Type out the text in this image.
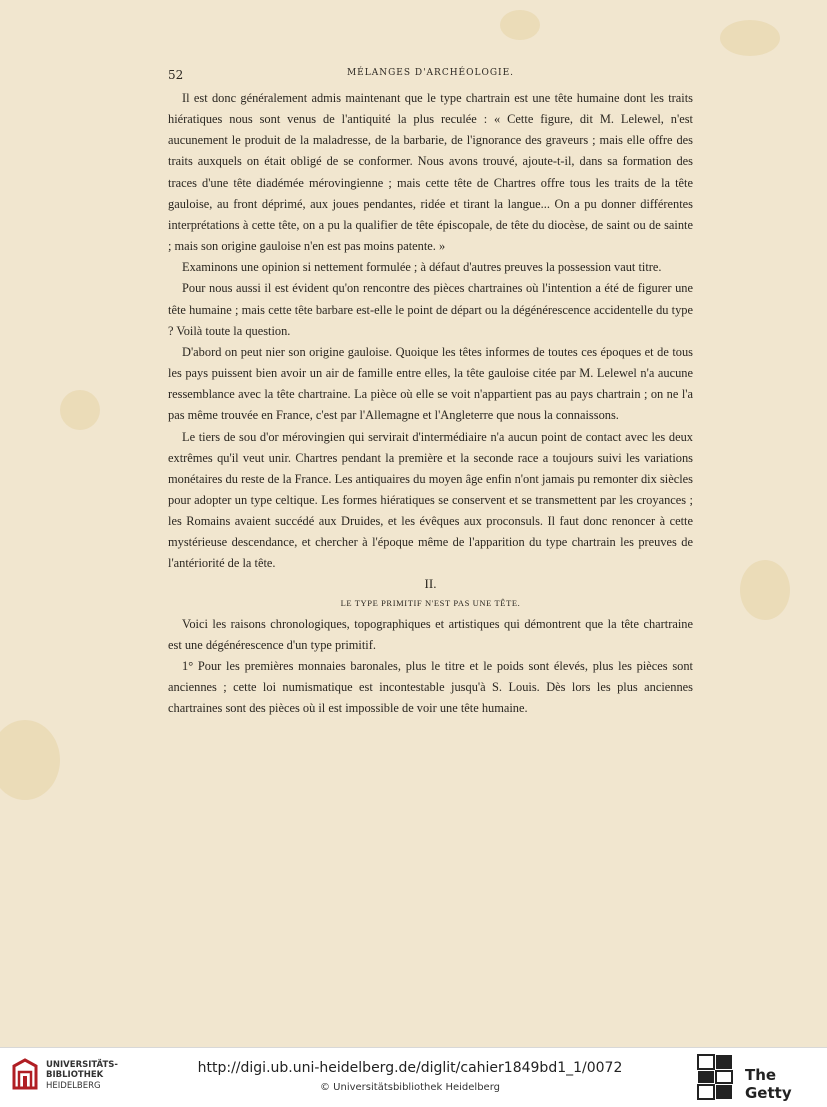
52	MÉLANGES D'ARCHÉOLOGIE.

Il est donc généralement admis maintenant que le type chartrain est une tête humaine dont les traits hiératiques nous sont venus de l'antiquité la plus reculée : « Cette figure, dit M. Lelewel, n'est aucunement le produit de la maladresse, de la barbarie, de l'ignorance des graveurs ; mais elle offre des traits auxquels on était obligé de se conformer. Nous avons trouvé, ajoute-t-il, dans sa formation des traces d'une tête diadémée mérovingienne ; mais cette tête de Chartres offre tous les traits de la tête gauloise, au front déprimé, aux joues pendantes, ridée et tirant la langue... On a pu donner différentes interprétations à cette tête, on a pu la qualifier de tête épiscopale, de tête du diocèse, de saint ou de sainte ; mais son origine gauloise n'en est pas moins patente. »

Examinons une opinion si nettement formulée ; à défaut d'autres preuves la possession vaut titre.

Pour nous aussi il est évident qu'on rencontre des pièces chartraines où l'intention a été de figurer une tête humaine ; mais cette tête barbare est-elle le point de départ ou la dégénérescence accidentelle du type ? Voilà toute la question.

D'abord on peut nier son origine gauloise. Quoique les têtes informes de toutes ces époques et de tous les pays puissent bien avoir un air de famille entre elles, la tête gauloise citée par M. Lelewel n'a aucune ressemblance avec la tête chartraine. La pièce où elle se voit n'appartient pas au pays chartrain ; on ne l'a pas même trouvée en France, c'est par l'Allemagne et l'Angleterre que nous la connaissons.

Le tiers de sou d'or mérovingien qui servirait d'intermédiaire n'a aucun point de contact avec les deux extrêmes qu'il veut unir. Chartres pendant la première et la seconde race a toujours suivi les variations monétaires du reste de la France. Les antiquaires du moyen âge enfin n'ont jamais pu remonter dix siècles pour adopter un type celtique. Les formes hiératiques se conservent et se transmettent par les croyances ; les Romains avaient succédé aux Druides, et les évêques aux proconsuls. Il faut donc renoncer à cette mystérieuse descendance, et chercher à l'époque même de l'apparition du type chartrain les preuves de l'antériorité de la tête.

II.

LE TYPE PRIMITIF N'EST PAS UNE TÊTE.

Voici les raisons chronologiques, topographiques et artistiques qui démontrent que la tête chartraine est une dégénérescence d'un type primitif.

1° Pour les premières monnaies baronales, plus le titre et le poids sont élevés, plus les pièces sont anciennes ; cette loi numismatique est incontestable jusqu'à S. Louis. Dès lors les plus anciennes chartraines sont des pièces où il est impossible de voir une tête humaine.

UNIVERSITÄTS-
BIBLIOTHEK
HEIDELBERG
http://digi.ub.uni-heidelberg.de/diglit/cahier1849bd1_1/0072
© Universitätsbibliothek Heidelberg
The Getty
